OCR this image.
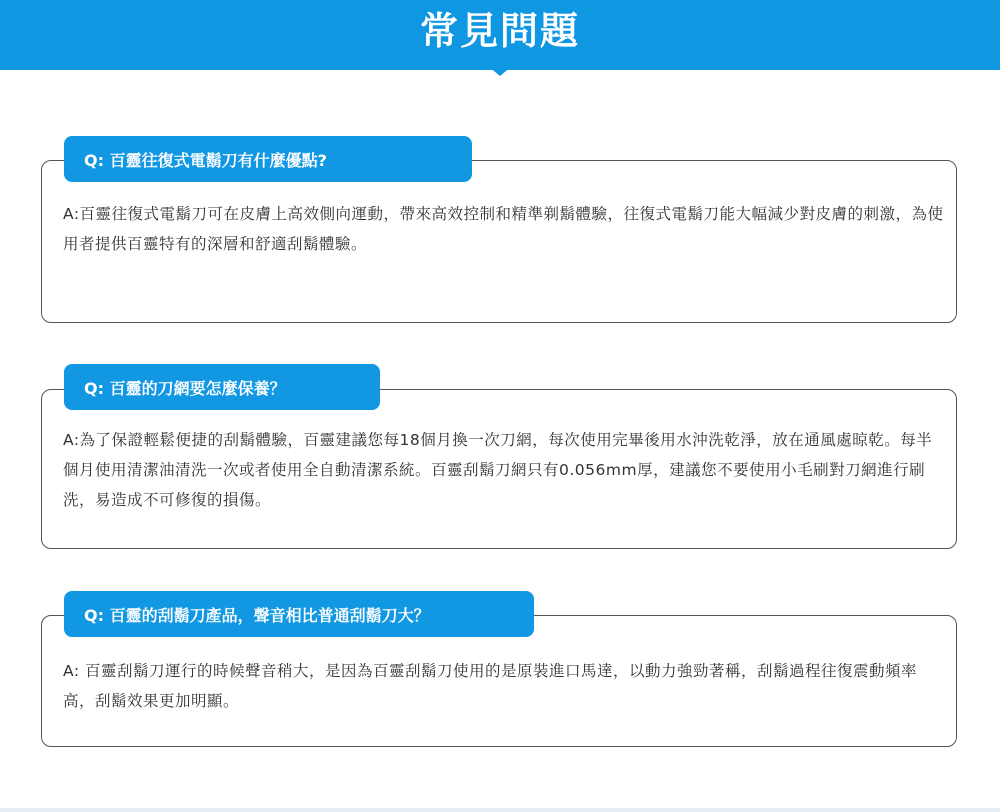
常見問題
Q: 百靈往復式電鬍刀有什麼優點?
A:百靈往復式電鬍刀可在皮膚上高效側向運動，帶來高效控制和精準剃鬍體驗，往復式電鬍刀能大幅減少對皮膚的刺激，為使用者提供百靈特有的深層和舒適刮鬍體驗。
Q: 百靈的刀網要怎麼保養？
A:為了保證輕鬆便捷的刮鬍體驗，百靈建議您每18個月換一次刀網，每次使用完畢後用水沖洗乾淨，放在通風處晾乾。每半個月使用清潔油清洗一次或者使用全自動清潔系統。百靈刮鬍刀網只有0.056mm厚，建議您不要使用小毛刷對刀網進行刷洗，易造成不可修復的損傷。
Q: 百靈的刮鬍刀產品，聲音相比普通刮鬍刀大？
A: 百靈刮鬍刀運行的時候聲音稍大，是因為百靈刮鬍刀使用的是原裝進口馬達，以動力強勁著稱，刮鬍過程往復震動頻率高，刮鬍效果更加明顯。
